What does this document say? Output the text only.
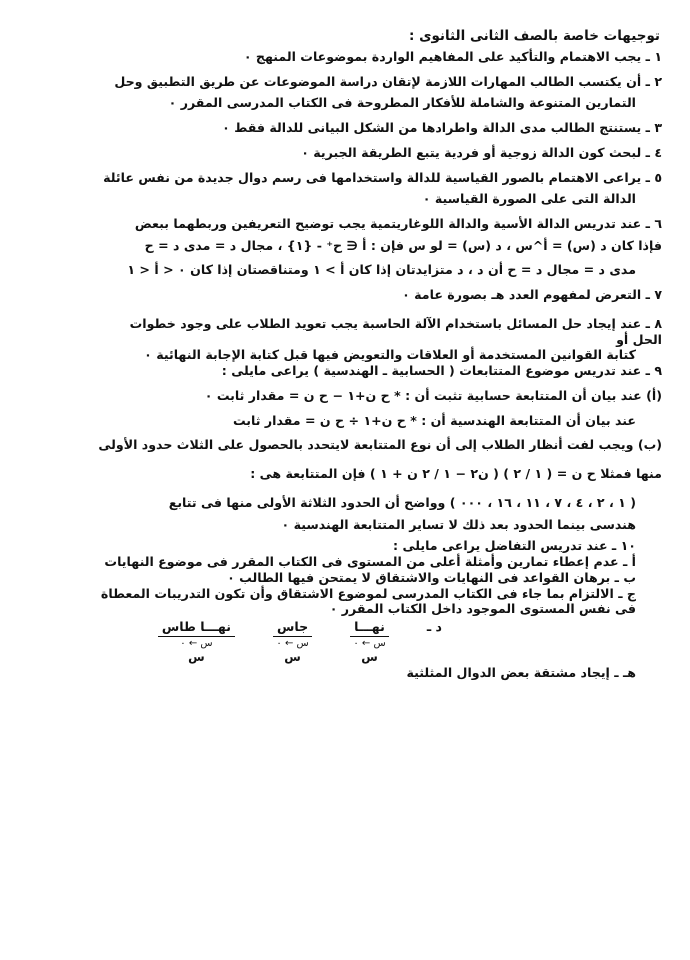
توجيهات خاصة بالصف الثانى الثانوى :
١ ـ يجب الاهتمام والتأكيد على المفاهيم الواردة بموضوعات المنهج ٠
٢ ـ أن يكتسب الطالب المهارات اللازمة لإتقان دراسة الموضوعات عن طريق التطبيق وحل
التمارين المتنوعة والشاملة للأفكار المطروحة فى الكتاب المدرسى المقرر ٠
٣ ـ يستنتج الطالب مدى الدالة واطرادها من الشكل البيانى للدالة فقط ٠
٤ ـ لبحث كون الدالة زوجية أو فردية يتبع الطريقة الجبرية ٠
٥ ـ يراعى الاهتمام بالصور القياسية للدالة واستخدامها فى رسم دوال جديدة من نفس عائلة
الدالة التى على الصورة القياسية ٠
٦ ـ عند تدريس الدالة الأسية والدالة اللوغاريتمية يجب توضيح التعريفين وربطهما ببعض
فإذا كان د (س) = أ^س ، د (س) = لو س فإن : أ ∈ ح⁺ - {١} ، مجال د = مدى د = ح
مدى د = مجال د = ح أن د ، د متزايدتان إذا كان أ > ١ ومتناقصتان إذا كان ٠ < أ < ١
٧ ـ التعرض لمفهوم العدد هـ بصورة عامة ٠
٨ ـ عند إيجاد حل المسائل باستخدام الآلة الحاسبة يجب تعويد الطلاب على وجود خطوات
الحل أو
كتابة القوانين المستخدمة أو العلاقات والتعويض فيها قبل كتابة الإجابة النهائية ٠
٩ ـ عند تدريس موضوع المتتابعات ( الحسابية ـ الهندسية ) يراعى مايلى :
(أ) عند بيان أن المتتابعة حسابية تثبت أن : * ح ن+١ − ح ن = مقدار ثابت ٠
عند بيان أن المتتابعة الهندسية أن : * ح ن+١ ÷ ح ن = مقدار ثابت
(ب) ويجب لفت أنظار الطلاب إلى أن نوع المتتابعة لايتحدد بالحصول على الثلاث حدود الأولى
منها فمثلا ح ن = ( ١ / ٢ ) ( ن٢ − ١ / ٢ ن + ١ ) فإن المتتابعة هى :
( ١ ، ٢ ، ٤ ، ٧ ، ١١ ، ١٦ ، ٠٠٠ ) وواضح أن الحدود الثلاثة الأولى منها فى تتابع
هندسى بينما الحدود بعد ذلك لا تساير المتتابعة الهندسية ٠
١٠ ـ عند تدريس التفاضل يراعى مايلى :
أ ـ عدم إعطاء تمارين وأمثلة أعلى من المستوى فى الكتاب المقرر فى موضوع النهايات
ب ـ برهان القواعد فى النهايات والاشتقاق لا يمتحن فيها الطالب ٠
ج ـ الالتزام بما جاء فى الكتاب المدرسى لموضوع الاشتقاق وأن تكون التدريبات المعطاة
فى نفس المستوى الموجود داخل الكتاب المقرر ٠
د ـ
نهـــا
س ← ٠
س
جاس
س ← ٠
س
نهـــا طاس
س ← ٠
س
هـ ـ إيجاد مشتقة بعض الدوال المثلثية
